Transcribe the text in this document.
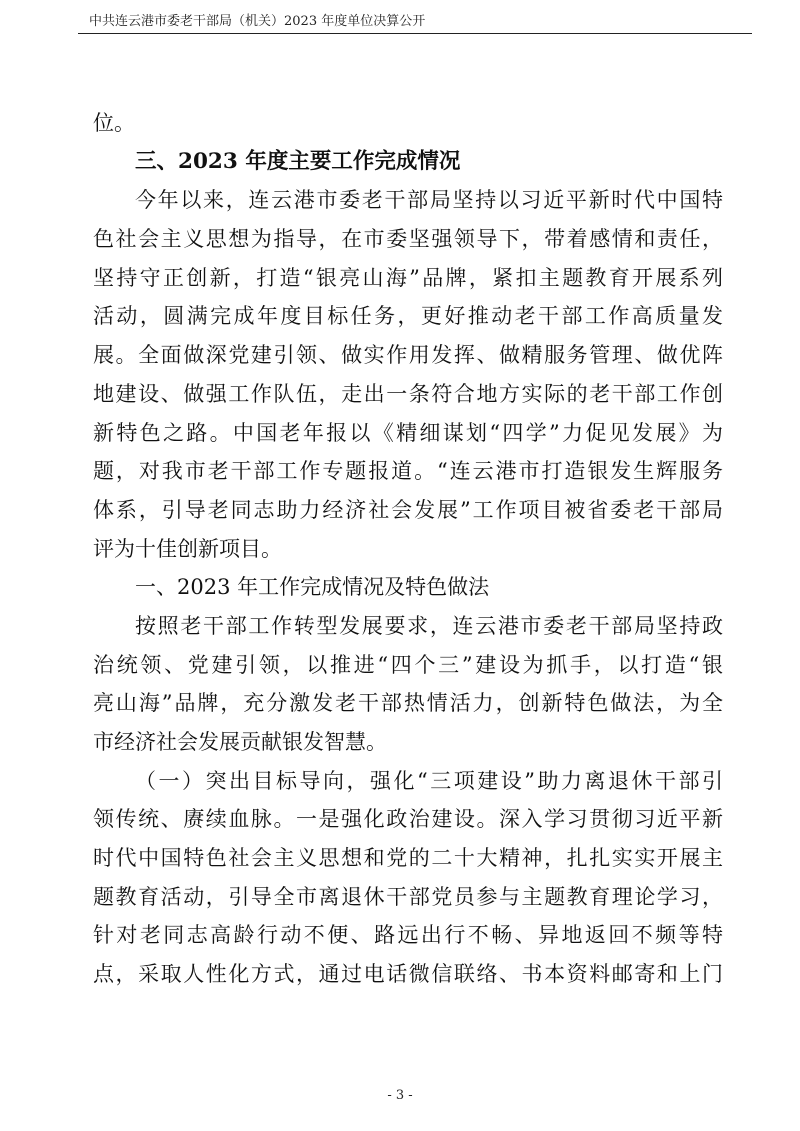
中共连云港市委老干部局（机关）2023 年度单位决算公开
位。
三、2023 年度主要工作完成情况
今年以来，连云港市委老干部局坚持以习近平新时代中国特
色社会主义思想为指导，在市委坚强领导下，带着感情和责任，
坚持守正创新，打造“银亮山海”品牌，紧扣主题教育开展系列
活动，圆满完成年度目标任务，更好推动老干部工作高质量发
展。全面做深党建引领、做实作用发挥、做精服务管理、做优阵
地建设、做强工作队伍，走出一条符合地方实际的老干部工作创
新特色之路。中国老年报以《精细谋划“四学”力促见发展》为
题，对我市老干部工作专题报道。“连云港市打造银发生辉服务
体系，引导老同志助力经济社会发展”工作项目被省委老干部局
评为十佳创新项目。
一、2023 年工作完成情况及特色做法
按照老干部工作转型发展要求，连云港市委老干部局坚持政
治统领、党建引领，以推进“四个三”建设为抓手，以打造“银
亮山海”品牌，充分激发老干部热情活力，创新特色做法，为全
市经济社会发展贡献银发智慧。
（一）突出目标导向，强化“三项建设”助力离退休干部引
领传统、赓续血脉。一是强化政治建设。深入学习贯彻习近平新
时代中国特色社会主义思想和党的二十大精神，扎扎实实开展主
题教育活动，引导全市离退休干部党员参与主题教育理论学习，
针对老同志高龄行动不便、路远出行不畅、异地返回不频等特
点，采取人性化方式，通过电话微信联络、书本资料邮寄和上门
- 3 -
